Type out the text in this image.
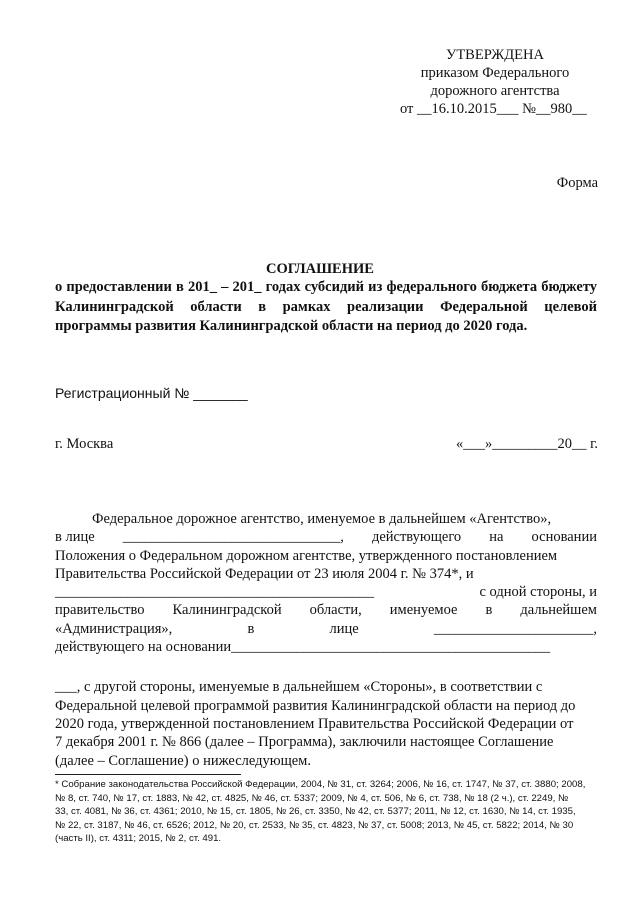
УТВЕРЖДЕНА
приказом Федерального
дорожного агентства
от __16.10.2015___ №__980__
Форма
СОГЛАШЕНИЕ
о предоставлении в 201_ – 201_ годах субсидий из федерального бюджета бюджету Калининградской области в рамках реализации Федеральной целевой программы развития Калининградской области на период до 2020 года.
Регистрационный № _______
г. Москва	«___»_________20__ г.

Федеральное дорожное агентство, именуемое в дальнейшем «Агентство»,

в лице ______________________________, действующего на основании

Положения о Федеральном дорожном агентстве, утвержденного постановлением

Правительства Российской Федерации от 23 июля 2004 г. № 374*, и

____________________________________________	с одной стороны, и

правительство Калининградской области, именуемое в дальнейшем

«Администрация»,	в	лице	______________________,

действующего на основании____________________________________________

___, с другой стороны, именуемые в дальнейшем «Стороны», в соответствии с

Федеральной целевой программой развития Калининградской области на период до

2020 года, утвержденной постановлением Правительства Российской Федерации от

7 декабря 2001 г. № 866 (далее – Программа), заключили настоящее Соглашение

(далее – Соглашение) о нижеследующем.

* Собрание законодательства Российской Федерации, 2004, № 31, ст. 3264; 2006, № 16, ст. 1747, № 37, ст. 3880; 2008,
№ 8, ст. 740, № 17, ст. 1883, № 42, ст. 4825, № 46, ст. 5337; 2009, № 4, ст. 506, № 6, ст. 738, № 18 (2 ч.), ст. 2249, №
33, ст. 4081, № 36, ст. 4361; 2010, № 15, ст. 1805, № 26, ст. 3350, № 42, ст. 5377; 2011, № 12, ст. 1630, № 14, ст. 1935,
№ 22, ст. 3187, № 46, ст. 6526; 2012, № 20, ст. 2533, № 35, ст. 4823, № 37, ст. 5008; 2013, № 45, ст. 5822; 2014, № 30
(часть II), ст. 4311; 2015, № 2, ст. 491.
